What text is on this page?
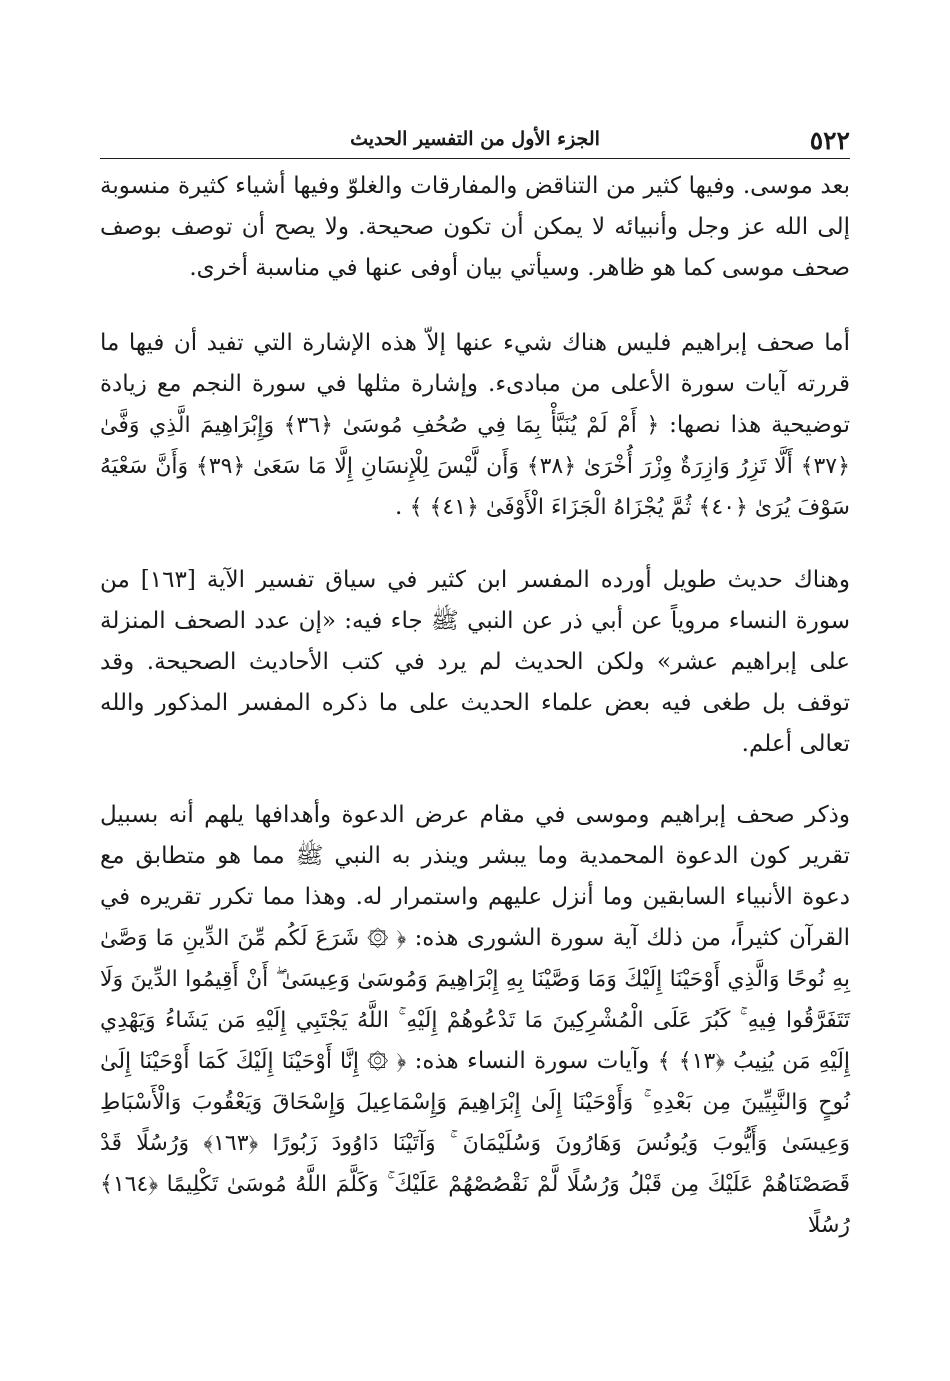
٥٢٢
الجزء الأول من التفسير الحديث

بعد موسى. وفيها كثير من التناقض والمفارقات والغلوّ وفيها أشياء كثيرة منسوبة إلى الله عز وجل وأنبيائه لا يمكن أن تكون صحيحة. ولا يصح أن توصف بوصف صحف موسى كما هو ظاهر. وسيأتي بيان أوفى عنها في مناسبة أخرى.

أما صحف إبراهيم فليس هناك شيء عنها إلاّ هذه الإشارة التي تفيد أن فيها ما قررته آيات سورة الأعلى من مبادىء. وإشارة مثلها في سورة النجم مع زيادة توضيحية هذا نصها: ﴿ أَمْ لَمْ يُنَبَّأْ بِمَا فِي صُحُفِ مُوسَىٰ ﴿٣٦﴾ وَإِبْرَاهِيمَ الَّذِي وَفَّىٰ ﴿٣٧﴾ أَلَّا تَزِرُ وَازِرَةٌ وِزْرَ أُخْرَىٰ ﴿٣٨﴾ وَأَن لَّيْسَ لِلْإِنسَانِ إِلَّا مَا سَعَىٰ ﴿٣٩﴾ وَأَنَّ سَعْيَهُ سَوْفَ يُرَىٰ ﴿٤٠﴾ ثُمَّ يُجْزَاهُ الْجَزَاءَ الْأَوْفَىٰ ﴿٤١﴾ ﴾ .

وهناك حديث طويل أورده المفسر ابن كثير في سياق تفسير الآية [١٦٣] من سورة النساء مروياً عن أبي ذر عن النبي ﷺ جاء فيه: «إن عدد الصحف المنزلة على إبراهيم عشر» ولكن الحديث لم يرد في كتب الأحاديث الصحيحة. وقد توقف بل طغى فيه بعض علماء الحديث على ما ذكره المفسر المذكور والله تعالى أعلم.

وذكر صحف إبراهيم وموسى في مقام عرض الدعوة وأهدافها يلهم أنه بسبيل تقرير كون الدعوة المحمدية وما يبشر وينذر به النبي ﷺ مما هو متطابق مع دعوة الأنبياء السابقين وما أنزل عليهم واستمرار له. وهذا مما تكرر تقريره في القرآن كثيراً، من ذلك آية سورة الشورى هذه: ﴿ ۞ شَرَعَ لَكُم مِّنَ الدِّينِ مَا وَصَّىٰ بِهِ نُوحًا وَالَّذِي أَوْحَيْنَا إِلَيْكَ وَمَا وَصَّيْنَا بِهِ إِبْرَاهِيمَ وَمُوسَىٰ وَعِيسَىٰ ۖ أَنْ أَقِيمُوا الدِّينَ وَلَا تَتَفَرَّقُوا فِيهِ ۚ كَبُرَ عَلَى الْمُشْرِكِينَ مَا تَدْعُوهُمْ إِلَيْهِ ۚ اللَّهُ يَجْتَبِي إِلَيْهِ مَن يَشَاءُ وَيَهْدِي إِلَيْهِ مَن يُنِيبُ ﴿١٣﴾ ﴾ وآيات سورة النساء هذه: ﴿ ۞ إِنَّا أَوْحَيْنَا إِلَيْكَ كَمَا أَوْحَيْنَا إِلَىٰ نُوحٍ وَالنَّبِيِّينَ مِن بَعْدِهِ ۚ وَأَوْحَيْنَا إِلَىٰ إِبْرَاهِيمَ وَإِسْمَاعِيلَ وَإِسْحَاقَ وَيَعْقُوبَ وَالْأَسْبَاطِ وَعِيسَىٰ وَأَيُّوبَ وَيُونُسَ وَهَارُونَ وَسُلَيْمَانَ ۚ وَآتَيْنَا دَاوُودَ زَبُورًا ﴿١٦٣﴾ وَرُسُلًا قَدْ قَصَصْنَاهُمْ عَلَيْكَ مِن قَبْلُ وَرُسُلًا لَّمْ نَقْصُصْهُمْ عَلَيْكَ ۚ وَكَلَّمَ اللَّهُ مُوسَىٰ تَكْلِيمًا ﴿١٦٤﴾ رُسُلًا
